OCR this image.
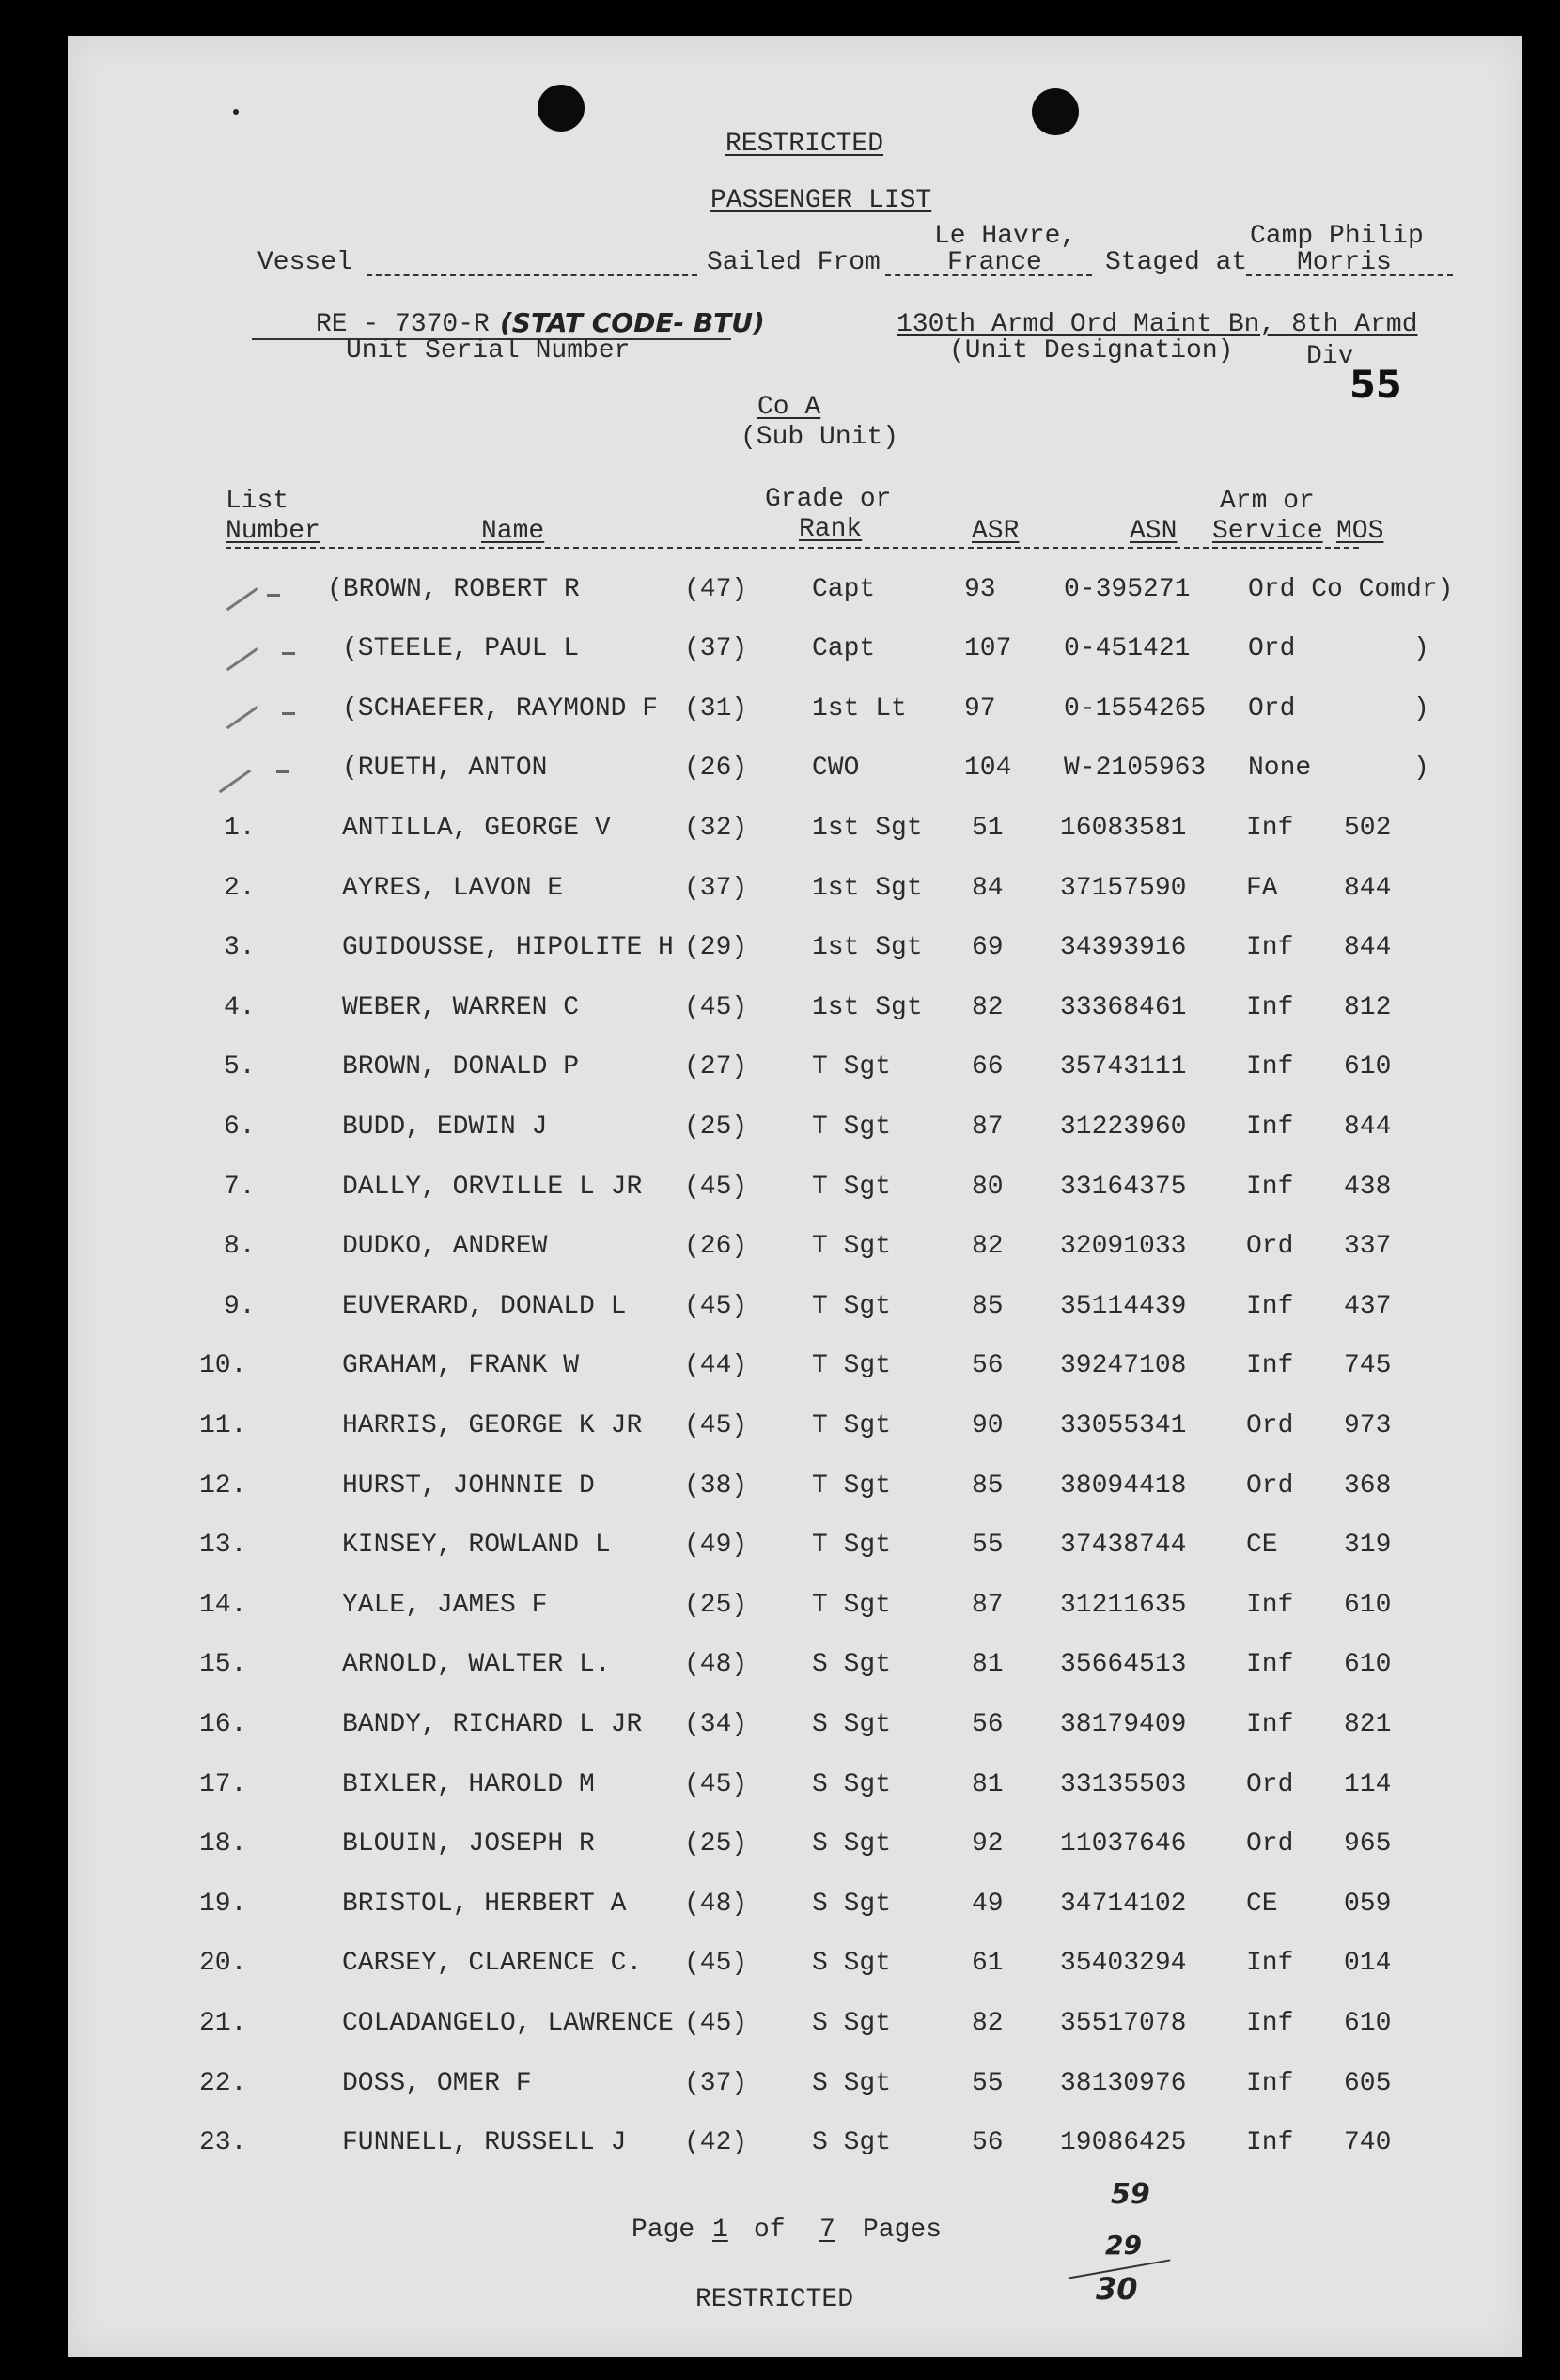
RESTRICTED
PASSENGER LIST
Le Havre,	Camp Philip
Vessel	Sailed From	France Staged at Morris
RE - 7370-R (STAT CODE- BTU)
Unit Serial Number
130th Armd Ord Maint Bn, 8th Armd
(Unit Designation)	Div
55
Co A
(Sub Unit)
List
Number	Name
Grade or
Rank	ASR	ASN
Arm or
Service MOS
(BROWN, ROBERT R	(47) Capt	93	0-395271 Ord Co Comdr)
(STEELE, PAUL L	(37) Capt	107 0-451421 Ord	)
(SCHAEFER, RAYMOND F (31) 1st Lt 97	0-1554265 Ord	)
(RUETH, ANTON	(26) CWO	104 W-2105963 None	)
1.	ANTILLA, GEORGE V	(32) 1st Sgt 51 16083581 Inf 502
2.	AYRES, LAVON E	(37) 1st Sgt 84 37157590 FA	844
3.	GUIDOUSSE, HIPOLITE H (29) 1st Sgt 69 34393916 Inf 844
4.	WEBER, WARREN C	(45) 1st Sgt 82 33368461 Inf 812
5.	BROWN, DONALD P	(27) T Sgt	66 35743111 Inf 610
6.	BUDD, EDWIN J	(25) T Sgt	87 31223960 Inf 844
7.	DALLY, ORVILLE L JR (45) T Sgt	80 33164375 Inf 438
8.	DUDKO, ANDREW	(26) T Sgt	82 32091033 Ord 337
9.	EUVERARD, DONALD L (45) T Sgt	85 35114439 Inf 437
10.	GRAHAM, FRANK W	(44) T Sgt	56 39247108 Inf 745
11.	HARRIS, GEORGE K JR (45) T Sgt	90 33055341 Ord 973
12.	HURST, JOHNNIE D	(38) T Sgt	85 38094418 Ord 368
13.	KINSEY, ROWLAND L	(49) T Sgt	55 37438744 CE	319
14.	YALE, JAMES F	(25) T Sgt	87 31211635 Inf 610
15.	ARNOLD, WALTER L.	(48) S Sgt	81 35664513 Inf 610
16.	BANDY, RICHARD L JR (34) S Sgt	56 38179409 Inf 821
17.	BIXLER, HAROLD M	(45) S Sgt	81 33135503 Ord 114
18.	BLOUIN, JOSEPH R	(25) S Sgt	92 11037646 Ord 965
19.	BRISTOL, HERBERT A (48) S Sgt	49 34714102 CE	059
20.	CARSEY, CLARENCE C. (45) S Sgt	61 35403294 Inf 014
21.	COLADANGELO, LAWRENCE (45) S Sgt	82 35517078 Inf 610
22.	DOSS, OMER F	(37) S Sgt	55 38130976 Inf 605
23.	FUNNELL, RUSSELL J (42) S Sgt	56 19086425 Inf 740
Page 1 of 7 Pages
59
29
30
RESTRICTED
